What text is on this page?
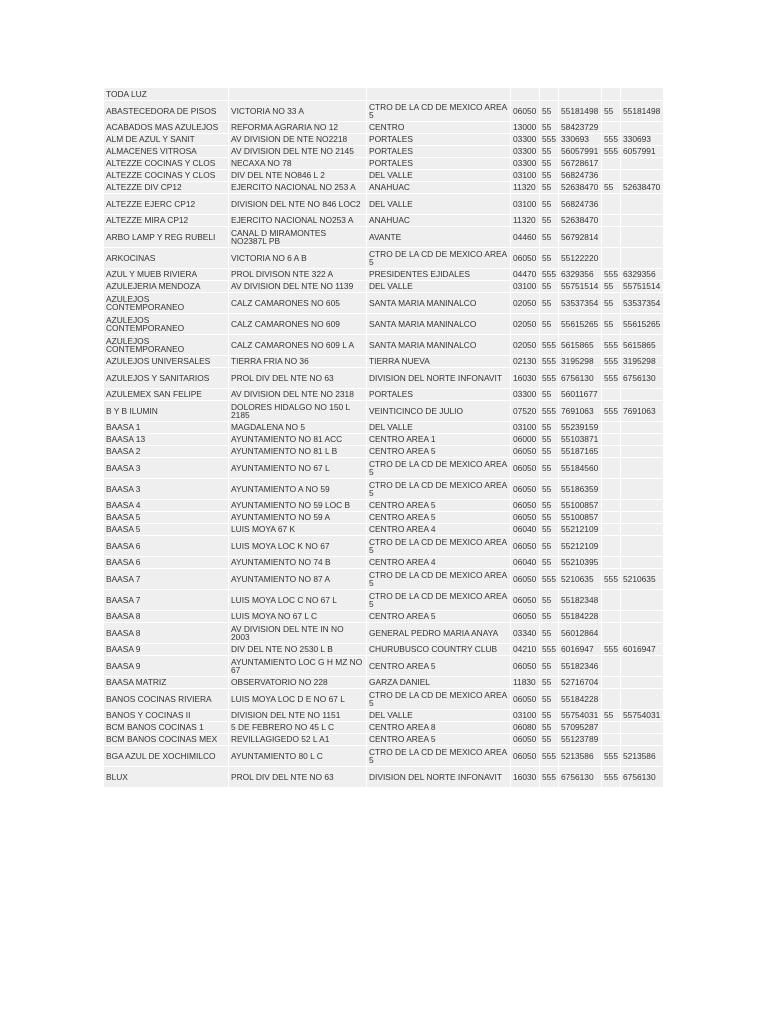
TODA LUZ							
ABASTECEDORA DE PISOS	VICTORIA NO 33 A	CTRO DE LA CD DE MEXICO AREA 5	06050	55	55181498	55	55181498
ACABADOS MAS AZULEJOS	REFORMA AGRARIA NO 12	CENTRO	13000	55	58423729		
ALM DE AZUL Y SANIT	AV DIVISION DE NTE NO2218	PORTALES	03300	555	330693	555	330693
ALMACENES VITROSA	AV DIVISION DEL NTE NO 2145	PORTALES	03300	55	56057991	555	6057991
ALTEZZE COCINAS Y CLOS	NECAXA NO 78	PORTALES	03300	55	56728617		
ALTEZZE COCINAS Y CLOS	DIV DEL NTE NO846 L 2	DEL VALLE	03100	55	56824736		
ALTEZZE DIV CP12	EJERCITO NACIONAL NO 253 A	ANAHUAC	11320	55	52638470	55	52638470
ALTEZZE EJERC CP12	DIVISION DEL NTE NO 846 LOC2	DEL VALLE	03100	55	56824736		
ALTEZZE MIRA CP12	EJERCITO NACIONAL NO253 A	ANAHUAC	11320	55	52638470		
ARBO LAMP Y REG RUBELI	CANAL D MIRAMONTES NO2387L PB	AVANTE	04460	55	56792814		
ARKOCINAS	VICTORIA NO 6 A B	CTRO DE LA CD DE MEXICO AREA 5	06050	55	55122220		
AZUL Y MUEB RIVIERA	PROL DIVISON NTE 322 A	PRESIDENTES EJIDALES	04470	555	6329356	555	6329356
AZULEJERIA MENDOZA	AV DIVISION DEL NTE NO 1139	DEL VALLE	03100	55	55751514	55	55751514
AZULEJOS CONTEMPORANEO	CALZ CAMARONES NO 605	SANTA MARIA MANINALCO	02050	55	53537354	55	53537354
AZULEJOS CONTEMPORANEO	CALZ CAMARONES NO 609	SANTA MARIA MANINALCO	02050	55	55615265	55	55615265
AZULEJOS CONTEMPORANEO	CALZ CAMARONES NO 609 L A	SANTA MARIA MANINALCO	02050	555	5615865	555	5615865
AZULEJOS UNIVERSALES	TIERRA FRIA NO 36	TIERRA NUEVA	02130	555	3195298	555	3195298
AZULEJOS Y SANITARIOS	PROL DIV DEL NTE NO 63	DIVISION DEL NORTE INFONAVIT	16030	555	6756130	555	6756130
AZULEMEX SAN FELIPE	AV DIVISION DEL NTE NO 2318	PORTALES	03300	55	56011677		
B Y B ILUMIN	DOLORES HIDALGO NO 150 L 2185	VEINTICINCO DE JULIO	07520	555	7691063	555	7691063
BAASA 1	MAGDALENA NO 5	DEL VALLE	03100	55	55239159		
BAASA 13	AYUNTAMIENTO NO 81 ACC	CENTRO AREA 1	06000	55	55103871		
BAASA 2	AYUNTAMIENTO NO 81 L B	CENTRO AREA 5	06050	55	55187165		
BAASA 3	AYUNTAMIENTO NO 67 L	CTRO DE LA CD DE MEXICO AREA 5	06050	55	55184560		
BAASA 3	AYUNTAMIENTO A NO 59	CTRO DE LA CD DE MEXICO AREA 5	06050	55	55186359		
BAASA 4	AYUNTAMIENTO NO 59 LOC B	CENTRO AREA 5	06050	55	55100857		
BAASA 5	AYUNTAMIENTO NO 59 A	CENTRO AREA 5	06050	55	55100857		
BAASA 5	LUIS MOYA 67 K	CENTRO AREA 4	06040	55	55212109		
BAASA 6	LUIS MOYA LOC K NO 67	CTRO DE LA CD DE MEXICO AREA 5	06050	55	55212109		
BAASA 6	AYUNTAMIENTO NO 74 B	CENTRO AREA 4	06040	55	55210395		
BAASA 7	AYUNTAMIENTO NO 87 A	CTRO DE LA CD DE MEXICO AREA 5	06050	555	5210635	555	5210635
BAASA 7	LUIS MOYA LOC C NO 67 L	CTRO DE LA CD DE MEXICO AREA 5	06050	55	55182348		
BAASA 8	LUIS MOYA NO 67 L C	CENTRO AREA 5	06050	55	55184228		
BAASA 8	AV DIVISION DEL NTE IN NO 2003	GENERAL PEDRO MARIA ANAYA	03340	55	56012864		
BAASA 9	DIV DEL NTE NO 2530 L B	CHURUBUSCO COUNTRY CLUB	04210	555	6016947	555	6016947
BAASA 9	AYUNTAMIENTO LOC G H MZ NO 67	CENTRO AREA 5	06050	55	55182346		
BAASA MATRIZ	OBSERVATORIO NO 228	GARZA DANIEL	11830	55	52716704		
BANOS COCINAS RIVIERA	LUIS MOYA LOC D E NO 67 L	CTRO DE LA CD DE MEXICO AREA 5	06050	55	55184228		
BANOS Y COCINAS II	DIVISION DEL NTE NO 1151	DEL VALLE	03100	55	55754031	55	55754031
BCM BANOS COCINAS 1	5 DE FEBRERO NO 45 L C	CENTRO AREA 8	06080	55	57095287		
BCM BANOS COCINAS MEX	REVILLAGIGEDO 52 L A1	CENTRO AREA 5	06050	55	55123789		
BGA AZUL DE XOCHIMILCO	AYUNTAMIENTO 80 L C	CTRO DE LA CD DE MEXICO AREA 5	06050	555	5213586	555	5213586
BLUX	PROL DIV DEL NTE NO 63	DIVISION DEL NORTE INFONAVIT	16030	555	6756130	555	6756130
